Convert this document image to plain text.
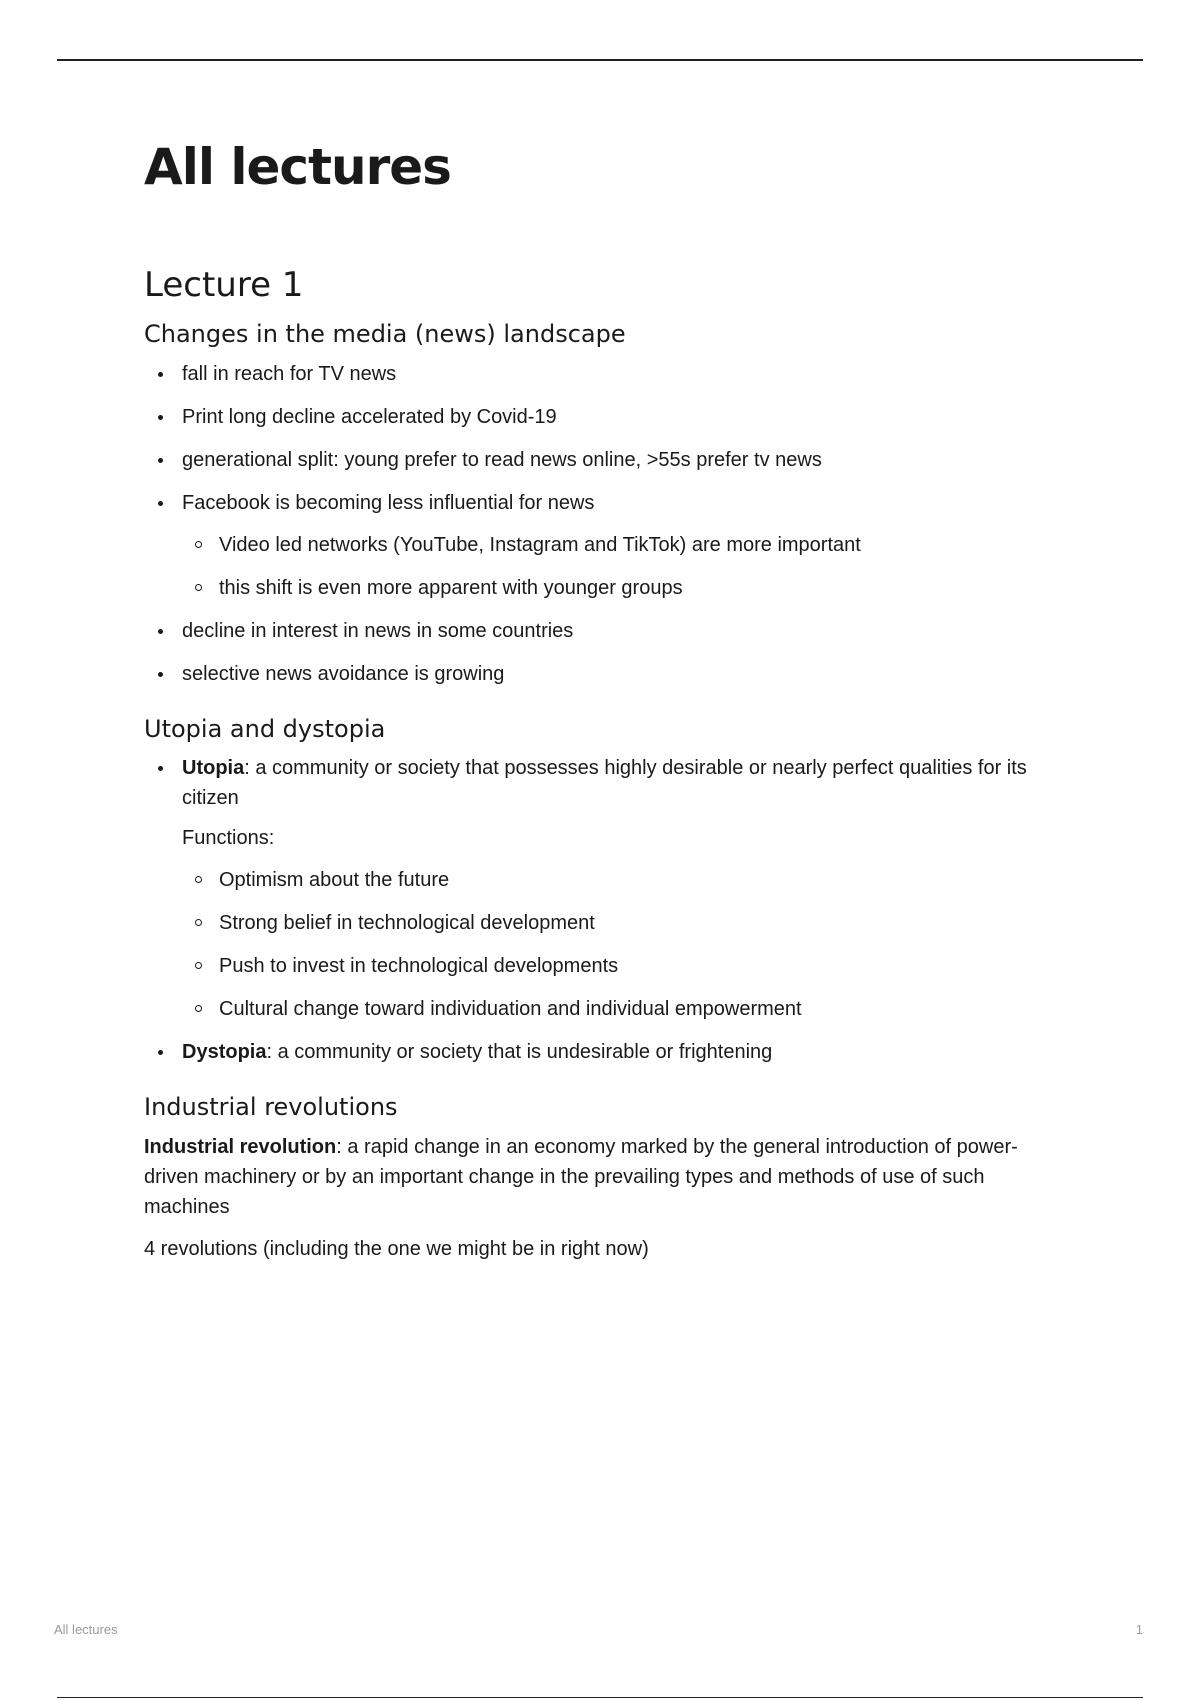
All lectures
Lecture 1
Changes in the media (news) landscape
fall in reach for TV news
Print long decline accelerated by Covid-19
generational split: young prefer to read news online, >55s prefer tv news
Facebook is becoming less influential for news
Video led networks (YouTube, Instagram and TikTok) are more important
this shift is even more apparent with younger groups
decline in interest in news in some countries
selective news avoidance is growing
Utopia and dystopia
Utopia: a community or society that possesses highly desirable or nearly perfect qualities for its citizen
Functions:
Optimism about the future
Strong belief in technological development
Push to invest in technological developments
Cultural change toward individuation and individual empowerment
Dystopia: a community or society that is undesirable or frightening
Industrial revolutions

Industrial revolution: a rapid change in an economy marked by the general introduction of power-driven machinery or by an important change in the prevailing types and methods of use of such machines

4 revolutions (including the one we might be in right now)

All lectures	1
